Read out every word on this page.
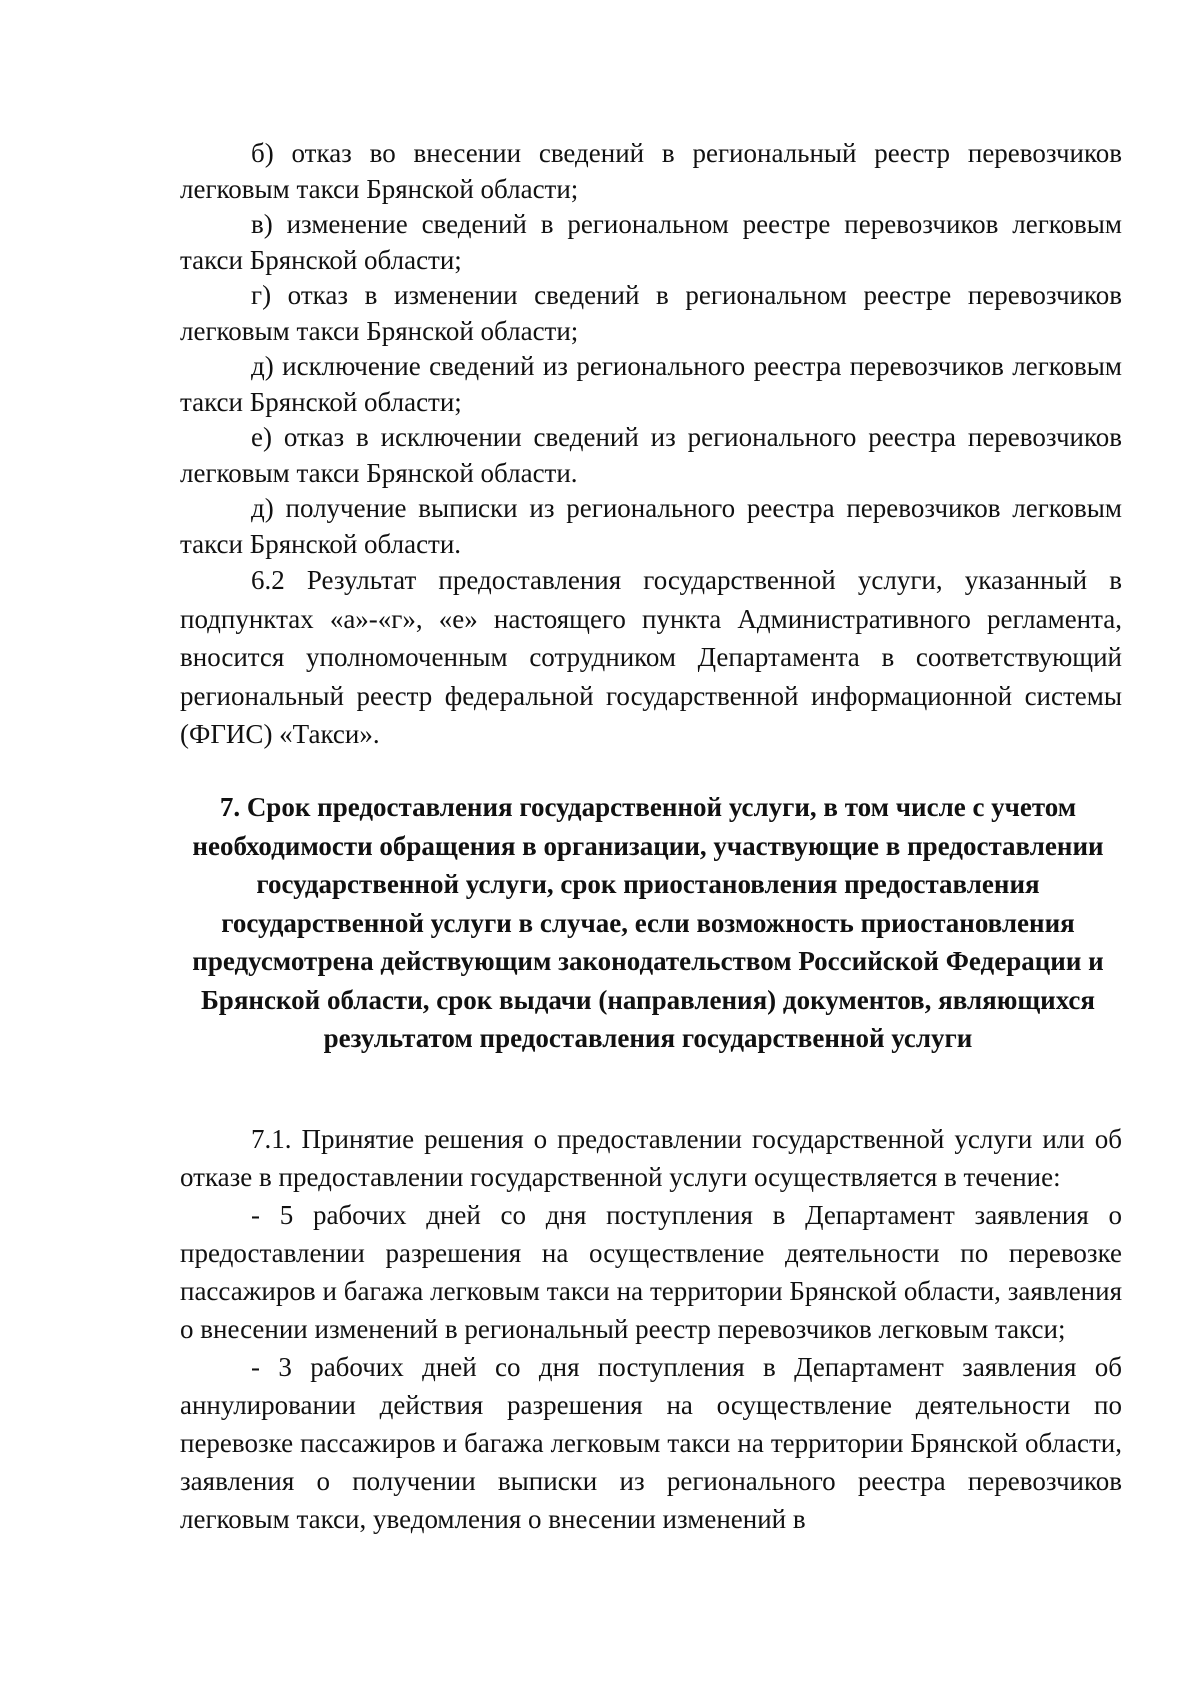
б) отказ во внесении сведений в региональный реестр перевозчиков легковым такси Брянской области;

в) изменение сведений в региональном реестре перевозчиков легковым такси Брянской области;

г) отказ в изменении сведений в региональном реестре перевозчиков легковым такси Брянской области;

д) исключение сведений из регионального реестра перевозчиков легковым такси Брянской области;

е) отказ в исключении сведений из регионального реестра перевозчиков легковым такси Брянской области.

д) получение выписки из регионального реестра перевозчиков легковым такси Брянской области.

6.2 Результат предоставления государственной услуги, указанный в подпунктах «а»-«г», «е» настоящего пункта Административного регламента, вносится уполномоченным сотрудником Департамента в соответствующий региональный реестр федеральной государственной информационной системы (ФГИС) «Такси».

7. Срок предоставления государственной услуги, в том числе с учетом необходимости обращения в организации, участвующие в предоставлении государственной услуги, срок приостановления предоставления государственной услуги в случае, если возможность приостановления предусмотрена действующим законодательством Российской Федерации и Брянской области, срок выдачи (направления) документов, являющихся результатом предоставления государственной услуги

7.1. Принятие решения о предоставлении государственной услуги или об отказе в предоставлении государственной услуги осуществляется в течение:

- 5 рабочих дней со дня поступления в Департамент заявления о предоставлении разрешения на осуществление деятельности по перевозке пассажиров и багажа легковым такси на территории Брянской области, заявления о внесении изменений в региональный реестр перевозчиков легковым такси;

- 3 рабочих дней со дня поступления в Департамент заявления об аннулировании действия разрешения на осуществление деятельности по перевозке пассажиров и багажа легковым такси на территории Брянской области, заявления о получении выписки из регионального реестра перевозчиков легковым такси, уведомления о внесении изменений в
